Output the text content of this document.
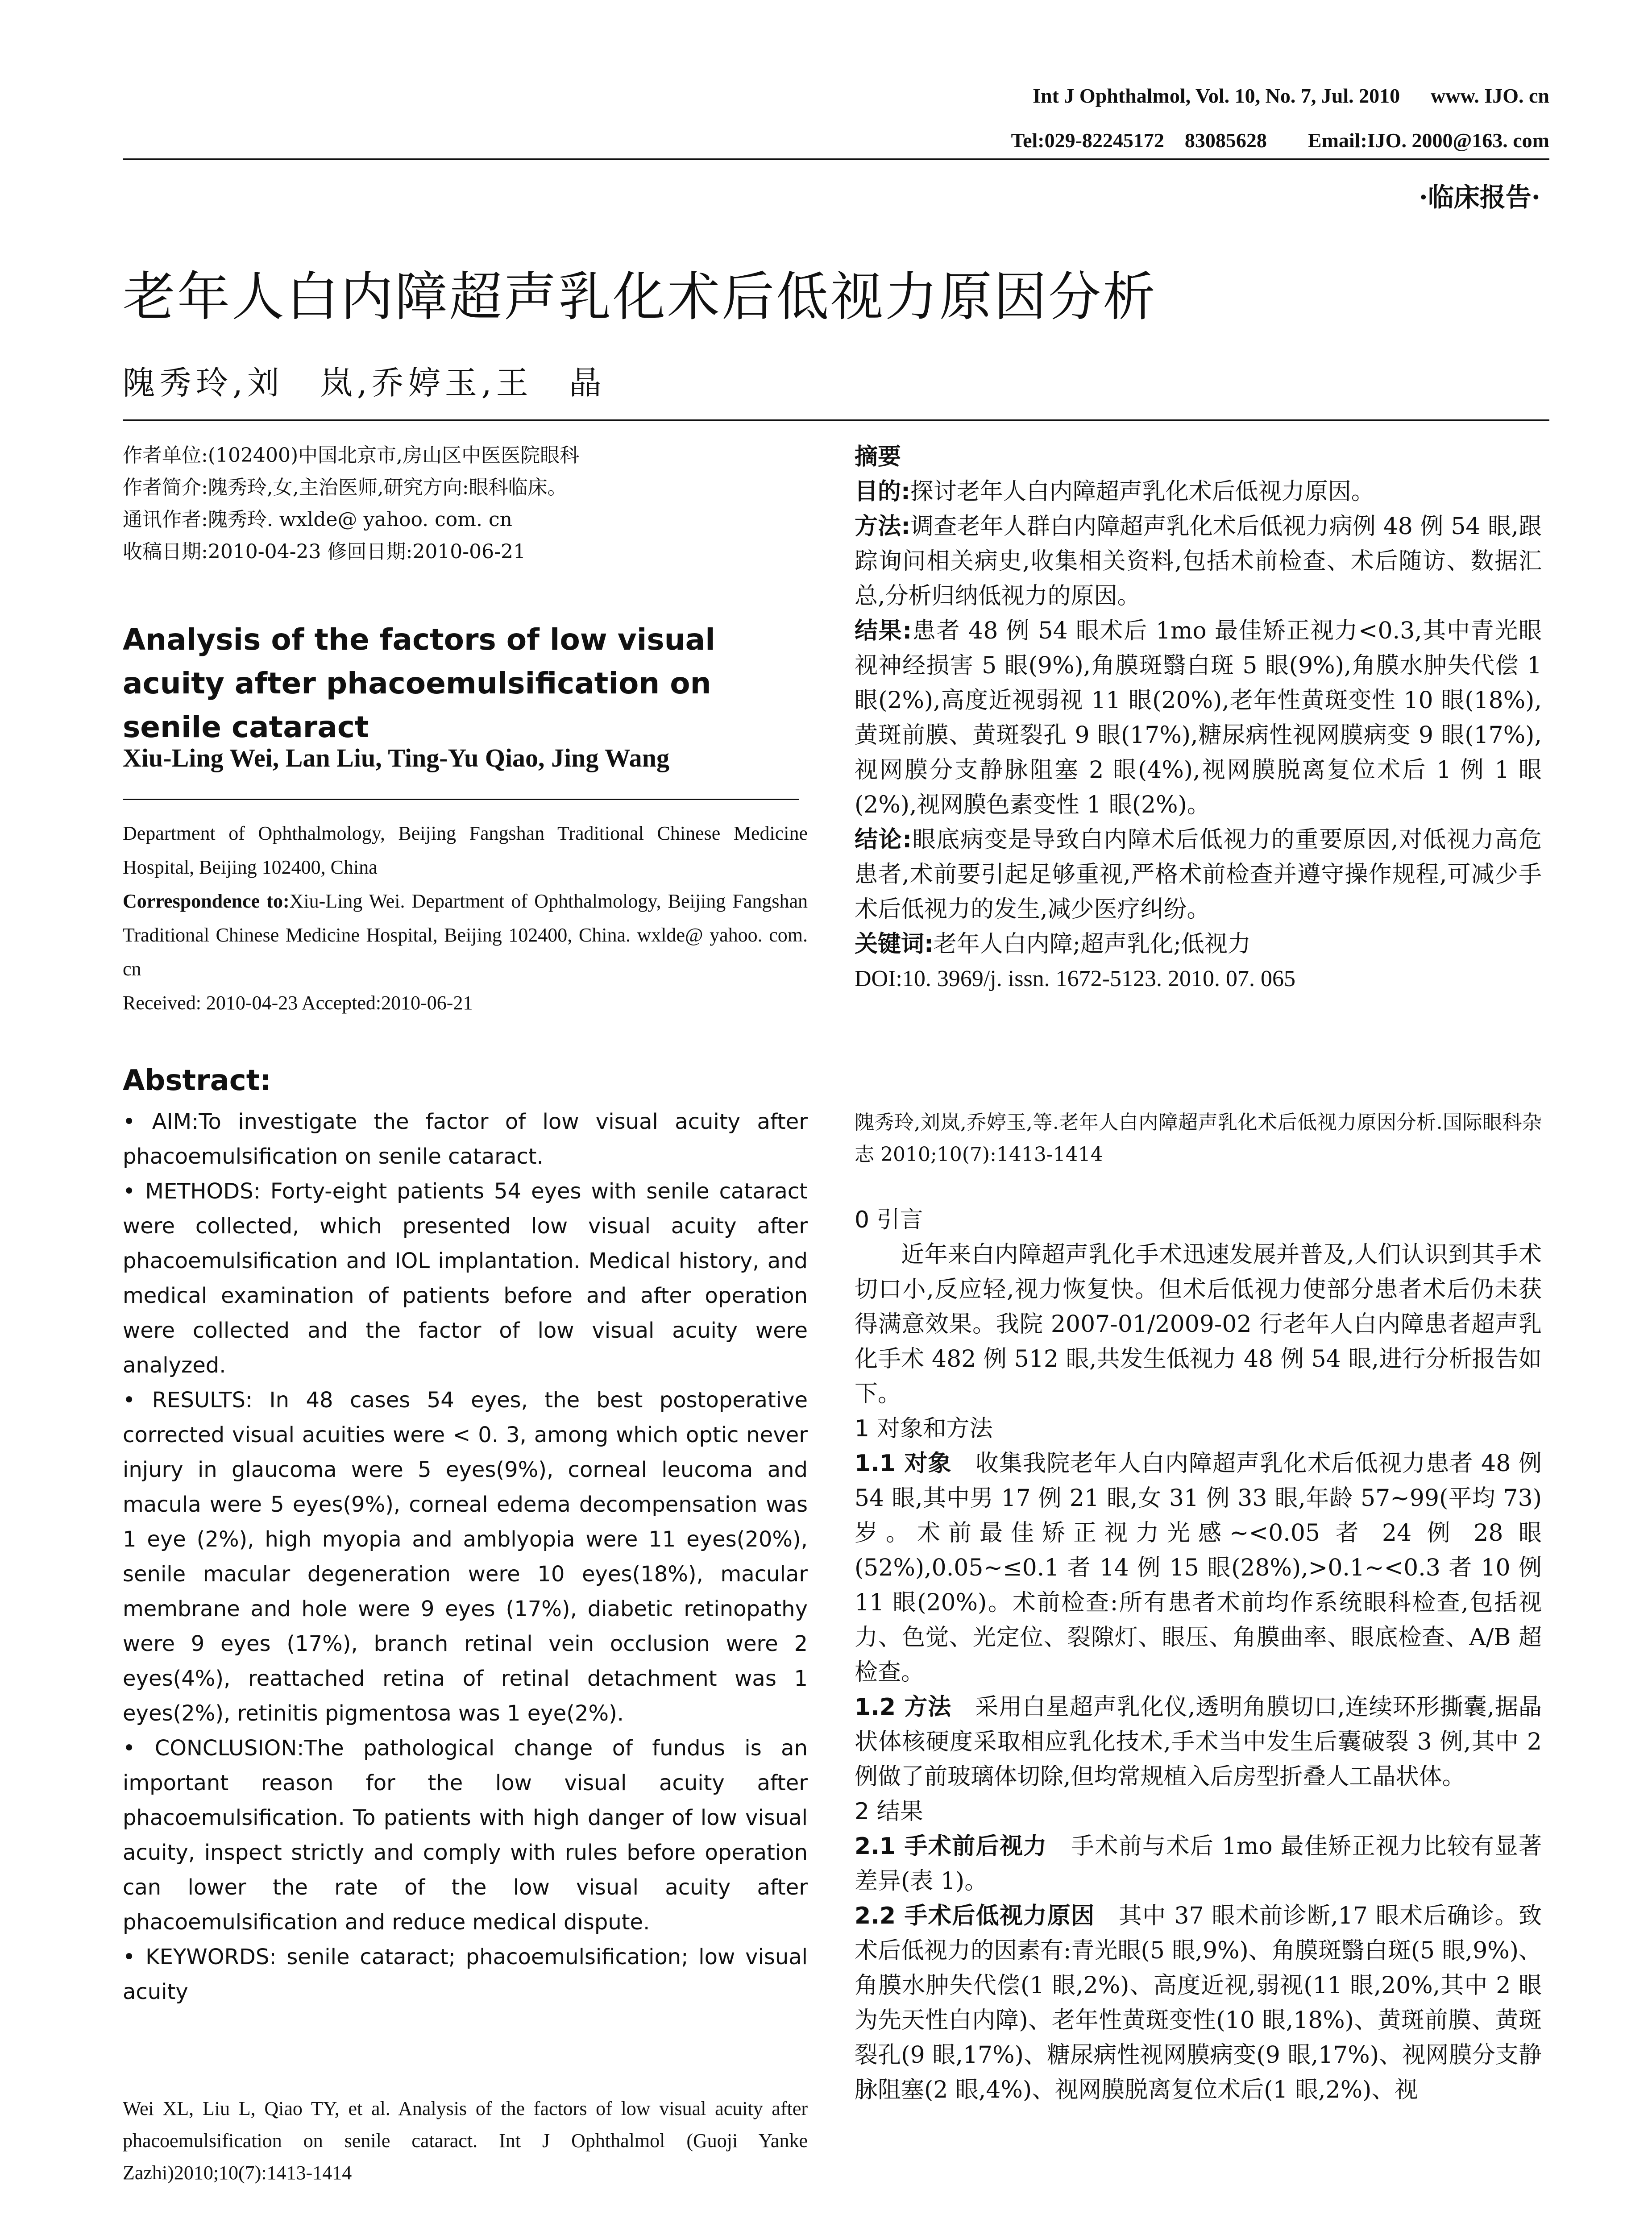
Int J Ophthalmol, Vol. 10, No. 7, Jul. 2010      www. IJO. cn
Tel:029-82245172    83085628        Email:IJO. 2000@163. com
·临床报告·
老年人白内障超声乳化术后低视力原因分析
隗秀玲,刘　岚,乔婷玉,王　晶
作者单位:(102400)中国北京市,房山区中医医院眼科
作者简介:隗秀玲,女,主治医师,研究方向:眼科临床。
通讯作者:隗秀玲. wxlde@ yahoo. com. cn
收稿日期:2010-04-23 修回日期:2010-06-21
Analysis of the factors of low visual acuity after phacoemulsification on senile cataract
Xiu-Ling Wei, Lan Liu, Ting-Yu Qiao, Jing Wang
Department of Ophthalmology, Beijing Fangshan Traditional Chinese Medicine Hospital, Beijing 102400, China
Correspondence to:Xiu-Ling Wei. Department of Ophthalmology, Beijing Fangshan Traditional Chinese Medicine Hospital, Beijing 102400, China. wxlde@ yahoo. com. cn
Received: 2010-04-23 Accepted:2010-06-21
Abstract:

• AIM:To investigate the factor of low visual acuity after phacoemulsification on senile cataract.

• METHODS: Forty-eight patients 54 eyes with senile cataract were collected, which presented low visual acuity after phacoemulsification and IOL implantation. Medical history, and medical examination of patients before and after operation were collected and the factor of low visual acuity were analyzed.

• RESULTS: In 48 cases 54 eyes, the best postoperative corrected visual acuities were < 0. 3, among which optic never injury in glaucoma were 5 eyes(9%), corneal leucoma and macula were 5 eyes(9%), corneal edema decompensation was 1 eye (2%), high myopia and amblyopia were 11 eyes(20%), senile macular degeneration were 10 eyes(18%), macular membrane and hole were 9 eyes (17%), diabetic retinopathy were 9 eyes (17%), branch retinal vein occlusion were 2 eyes(4%), reattached retina of retinal detachment was 1 eyes(2%), retinitis pigmentosa was 1 eye(2%).

• CONCLUSION:The pathological change of fundus is an important reason for the low visual acuity after phacoemulsification. To patients with high danger of low visual acuity, inspect strictly and comply with rules before operation can lower the rate of the low visual acuity after phacoemulsification and reduce medical dispute.

• KEYWORDS: senile cataract; phacoemulsification; low visual acuity

Wei XL, Liu L, Qiao TY, et al. Analysis of the factors of low visual acuity after phacoemulsification on senile cataract. Int J Ophthalmol (Guoji Yanke Zazhi)2010;10(7):1413-1414

摘要

目的:探讨老年人白内障超声乳化术后低视力原因。

方法:调查老年人群白内障超声乳化术后低视力病例 48 例 54 眼,跟踪询问相关病史,收集相关资料,包括术前检查、术后随访、数据汇总,分析归纳低视力的原因。

结果:患者 48 例 54 眼术后 1mo 最佳矫正视力<0.3,其中青光眼视神经损害 5 眼(9%),角膜斑翳白斑 5 眼(9%),角膜水肿失代偿 1 眼(2%),高度近视弱视 11 眼(20%),老年性黄斑变性 10 眼(18%),黄斑前膜、黄斑裂孔 9 眼(17%),糖尿病性视网膜病变 9 眼(17%),视网膜分支静脉阻塞 2 眼(4%),视网膜脱离复位术后 1 例 1 眼(2%),视网膜色素变性 1 眼(2%)。

结论:眼底病变是导致白内障术后低视力的重要原因,对低视力高危患者,术前要引起足够重视,严格术前检查并遵守操作规程,可减少手术后低视力的发生,减少医疗纠纷。

关键词:老年人白内障;超声乳化;低视力

DOI:10. 3969/j. issn. 1672-5123. 2010. 07. 065

隗秀玲,刘岚,乔婷玉,等.老年人白内障超声乳化术后低视力原因分析.国际眼科杂志 2010;10(7):1413-1414

0 引言

近年来白内障超声乳化手术迅速发展并普及,人们认识到其手术切口小,反应轻,视力恢复快。但术后低视力使部分患者术后仍未获得满意效果。我院 2007-01/2009-02 行老年人白内障患者超声乳化手术 482 例 512 眼,共发生低视力 48 例 54 眼,进行分析报告如下。

1 对象和方法

1.1 对象　收集我院老年人白内障超声乳化术后低视力患者 48 例 54 眼,其中男 17 例 21 眼,女 31 例 33 眼,年龄 57~99(平均 73)岁。术前最佳矫正视力光感~<0.05 者 24 例 28 眼(52%),0.05~≤0.1 者 14 例 15 眼(28%),>0.1~<0.3 者 10 例 11 眼(20%)。术前检查:所有患者术前均作系统眼科检查,包括视力、色觉、光定位、裂隙灯、眼压、角膜曲率、眼底检查、A/B 超检查。

1.2 方法　采用白星超声乳化仪,透明角膜切口,连续环形撕囊,据晶状体核硬度采取相应乳化技术,手术当中发生后囊破裂 3 例,其中 2 例做了前玻璃体切除,但均常规植入后房型折叠人工晶状体。

2 结果

2.1 手术前后视力　手术前与术后 1mo 最佳矫正视力比较有显著差异(表 1)。

2.2 手术后低视力原因　其中 37 眼术前诊断,17 眼术后确诊。致术后低视力的因素有:青光眼(5 眼,9%)、角膜斑翳白斑(5 眼,9%)、角膜水肿失代偿(1 眼,2%)、高度近视,弱视(11 眼,20%,其中 2 眼为先天性白内障)、老年性黄斑变性(10 眼,18%)、黄斑前膜、黄斑裂孔(9 眼,17%)、糖尿病性视网膜病变(9 眼,17%)、视网膜分支静脉阻塞(2 眼,4%)、视网膜脱离复位术后(1 眼,2%)、视
